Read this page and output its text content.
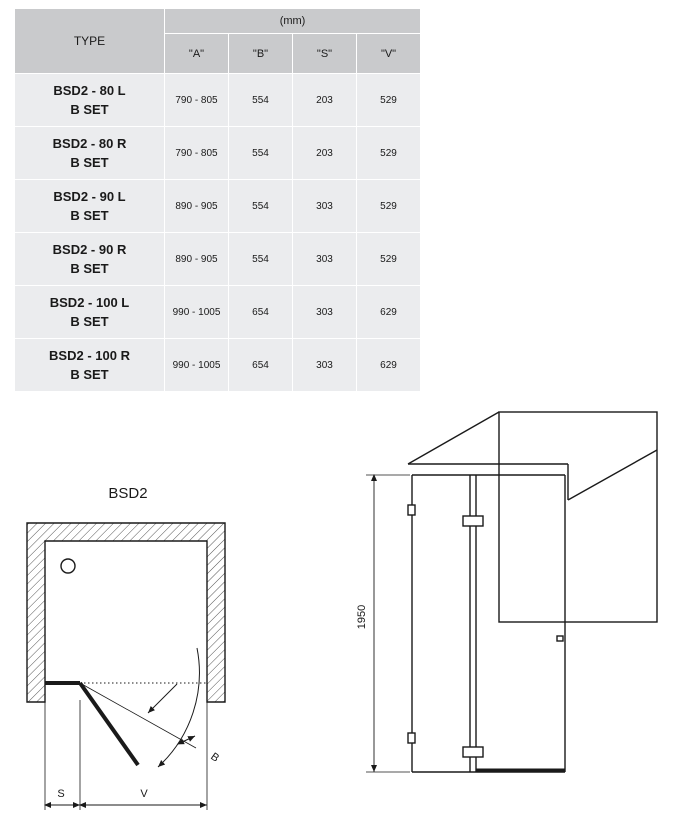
TYPE	(mm)			
	"A"	"B"	"S"	"V"

BSD2 - 80 L
B SET	790 - 805	554	203	529

BSD2 - 80 R
B SET	790 - 805	554	203	529

BSD2 - 90 L
B SET	890 - 905	554	303	529

BSD2 - 90 R
B SET	890 - 905	554	303	529

BSD2 - 100 L
B SET	990 - 1005	654	303	629

BSD2 - 100 R
B SET	990 - 1005	654	303	629
BSD2
B
S	V
1950
